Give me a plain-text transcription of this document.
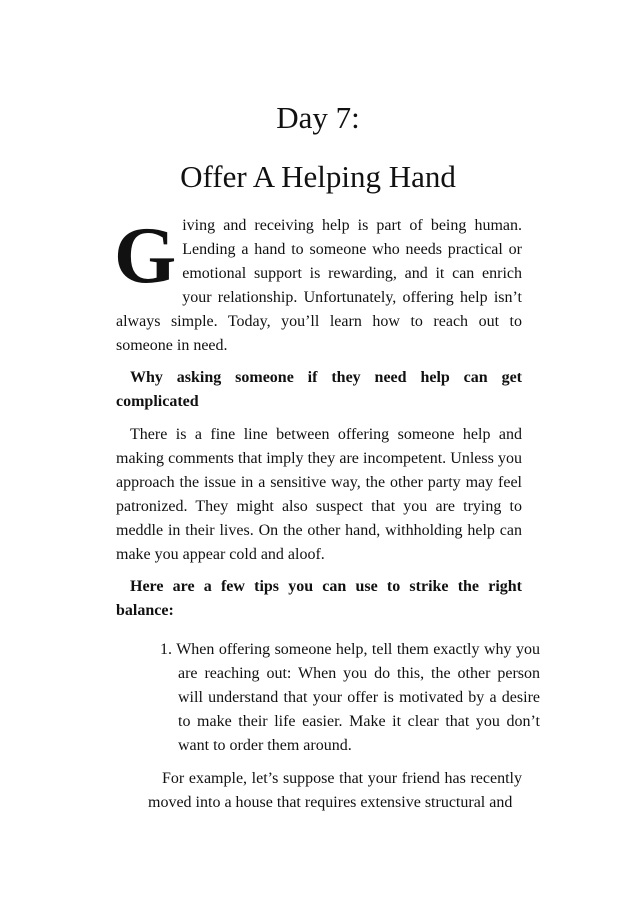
Day 7:
Offer A Helping Hand
Giving and receiving help is part of being human. Lending a hand to someone who needs practical or emotional support is rewarding, and it can enrich your relationship. Unfortunately, offering help isn’t always simple. Today, you’ll learn how to reach out to someone in need.
Why asking someone if they need help can get complicated
There is a fine line between offering someone help and making comments that imply they are incompetent. Unless you approach the issue in a sensitive way, the other party may feel patronized. They might also suspect that you are trying to meddle in their lives. On the other hand, withholding help can make you appear cold and aloof.
Here are a few tips you can use to strike the right balance:
1. When offering someone help, tell them exactly why you are reaching out: When you do this, the other person will understand that your offer is motivated by a desire to make their life easier. Make it clear that you don’t want to order them around.
For example, let’s suppose that your friend has recently moved into a house that requires extensive structural and
